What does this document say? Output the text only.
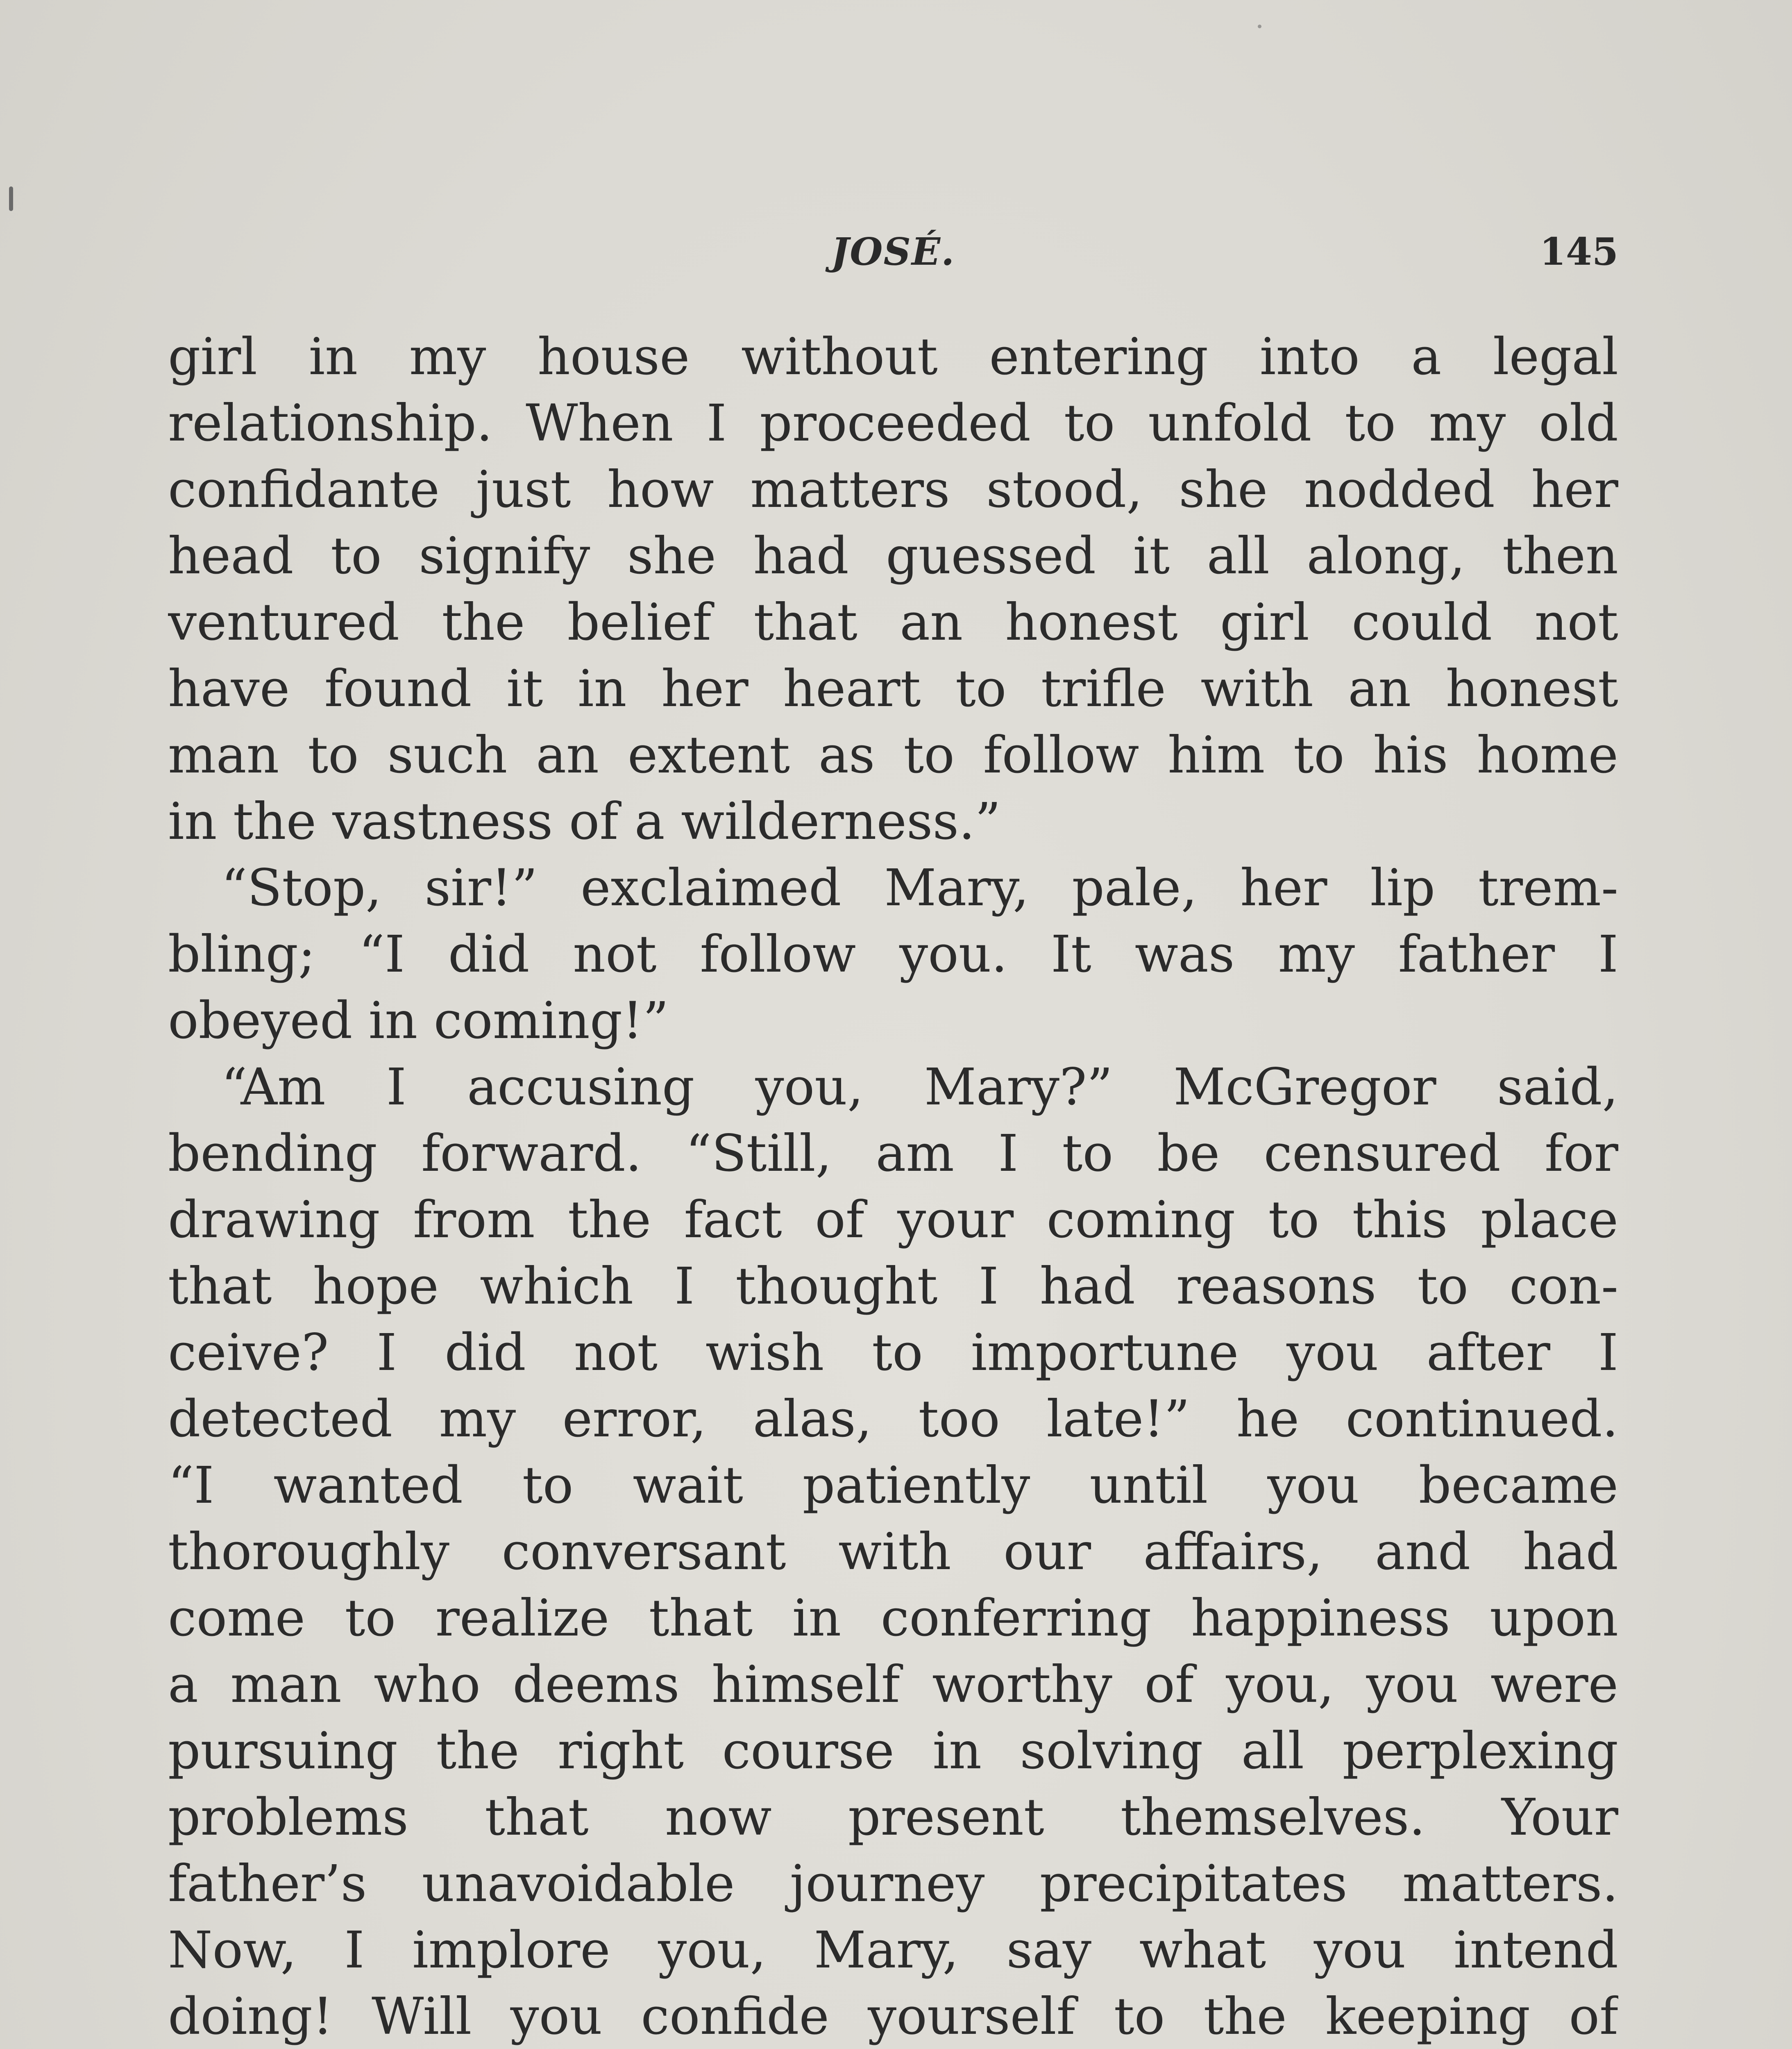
JOSÉ.	145
girl in my house without entering into a legal
relationship. When I proceeded to unfold to my old
confidante just how matters stood, she nodded her
head to signify she had guessed it all along, then
ventured the belief that an honest girl could not
have found it in her heart to trifle with an honest
man to such an extent as to follow him to his home
in the vastness of a wilderness.”
“Stop, sir!” exclaimed Mary, pale, her lip trem-
bling; “I did not follow you. It was my father I
obeyed in coming!”
“Am I accusing you, Mary?” McGregor said,
bending forward. “Still, am I to be censured for
drawing from the fact of your coming to this place
that hope which I thought I had reasons to con-
ceive? I did not wish to importune you after I
detected my error, alas, too late!” he continued.
“I wanted to wait patiently until you became
thoroughly conversant with our affairs, and had
come to realize that in conferring happiness upon
a man who deems himself worthy of you, you were
pursuing the right course in solving all perplexing
problems that now present themselves. Your
father’s unavoidable journey precipitates matters.
Now, I implore you, Mary, say what you intend
doing! Will you confide yourself to the keeping of
